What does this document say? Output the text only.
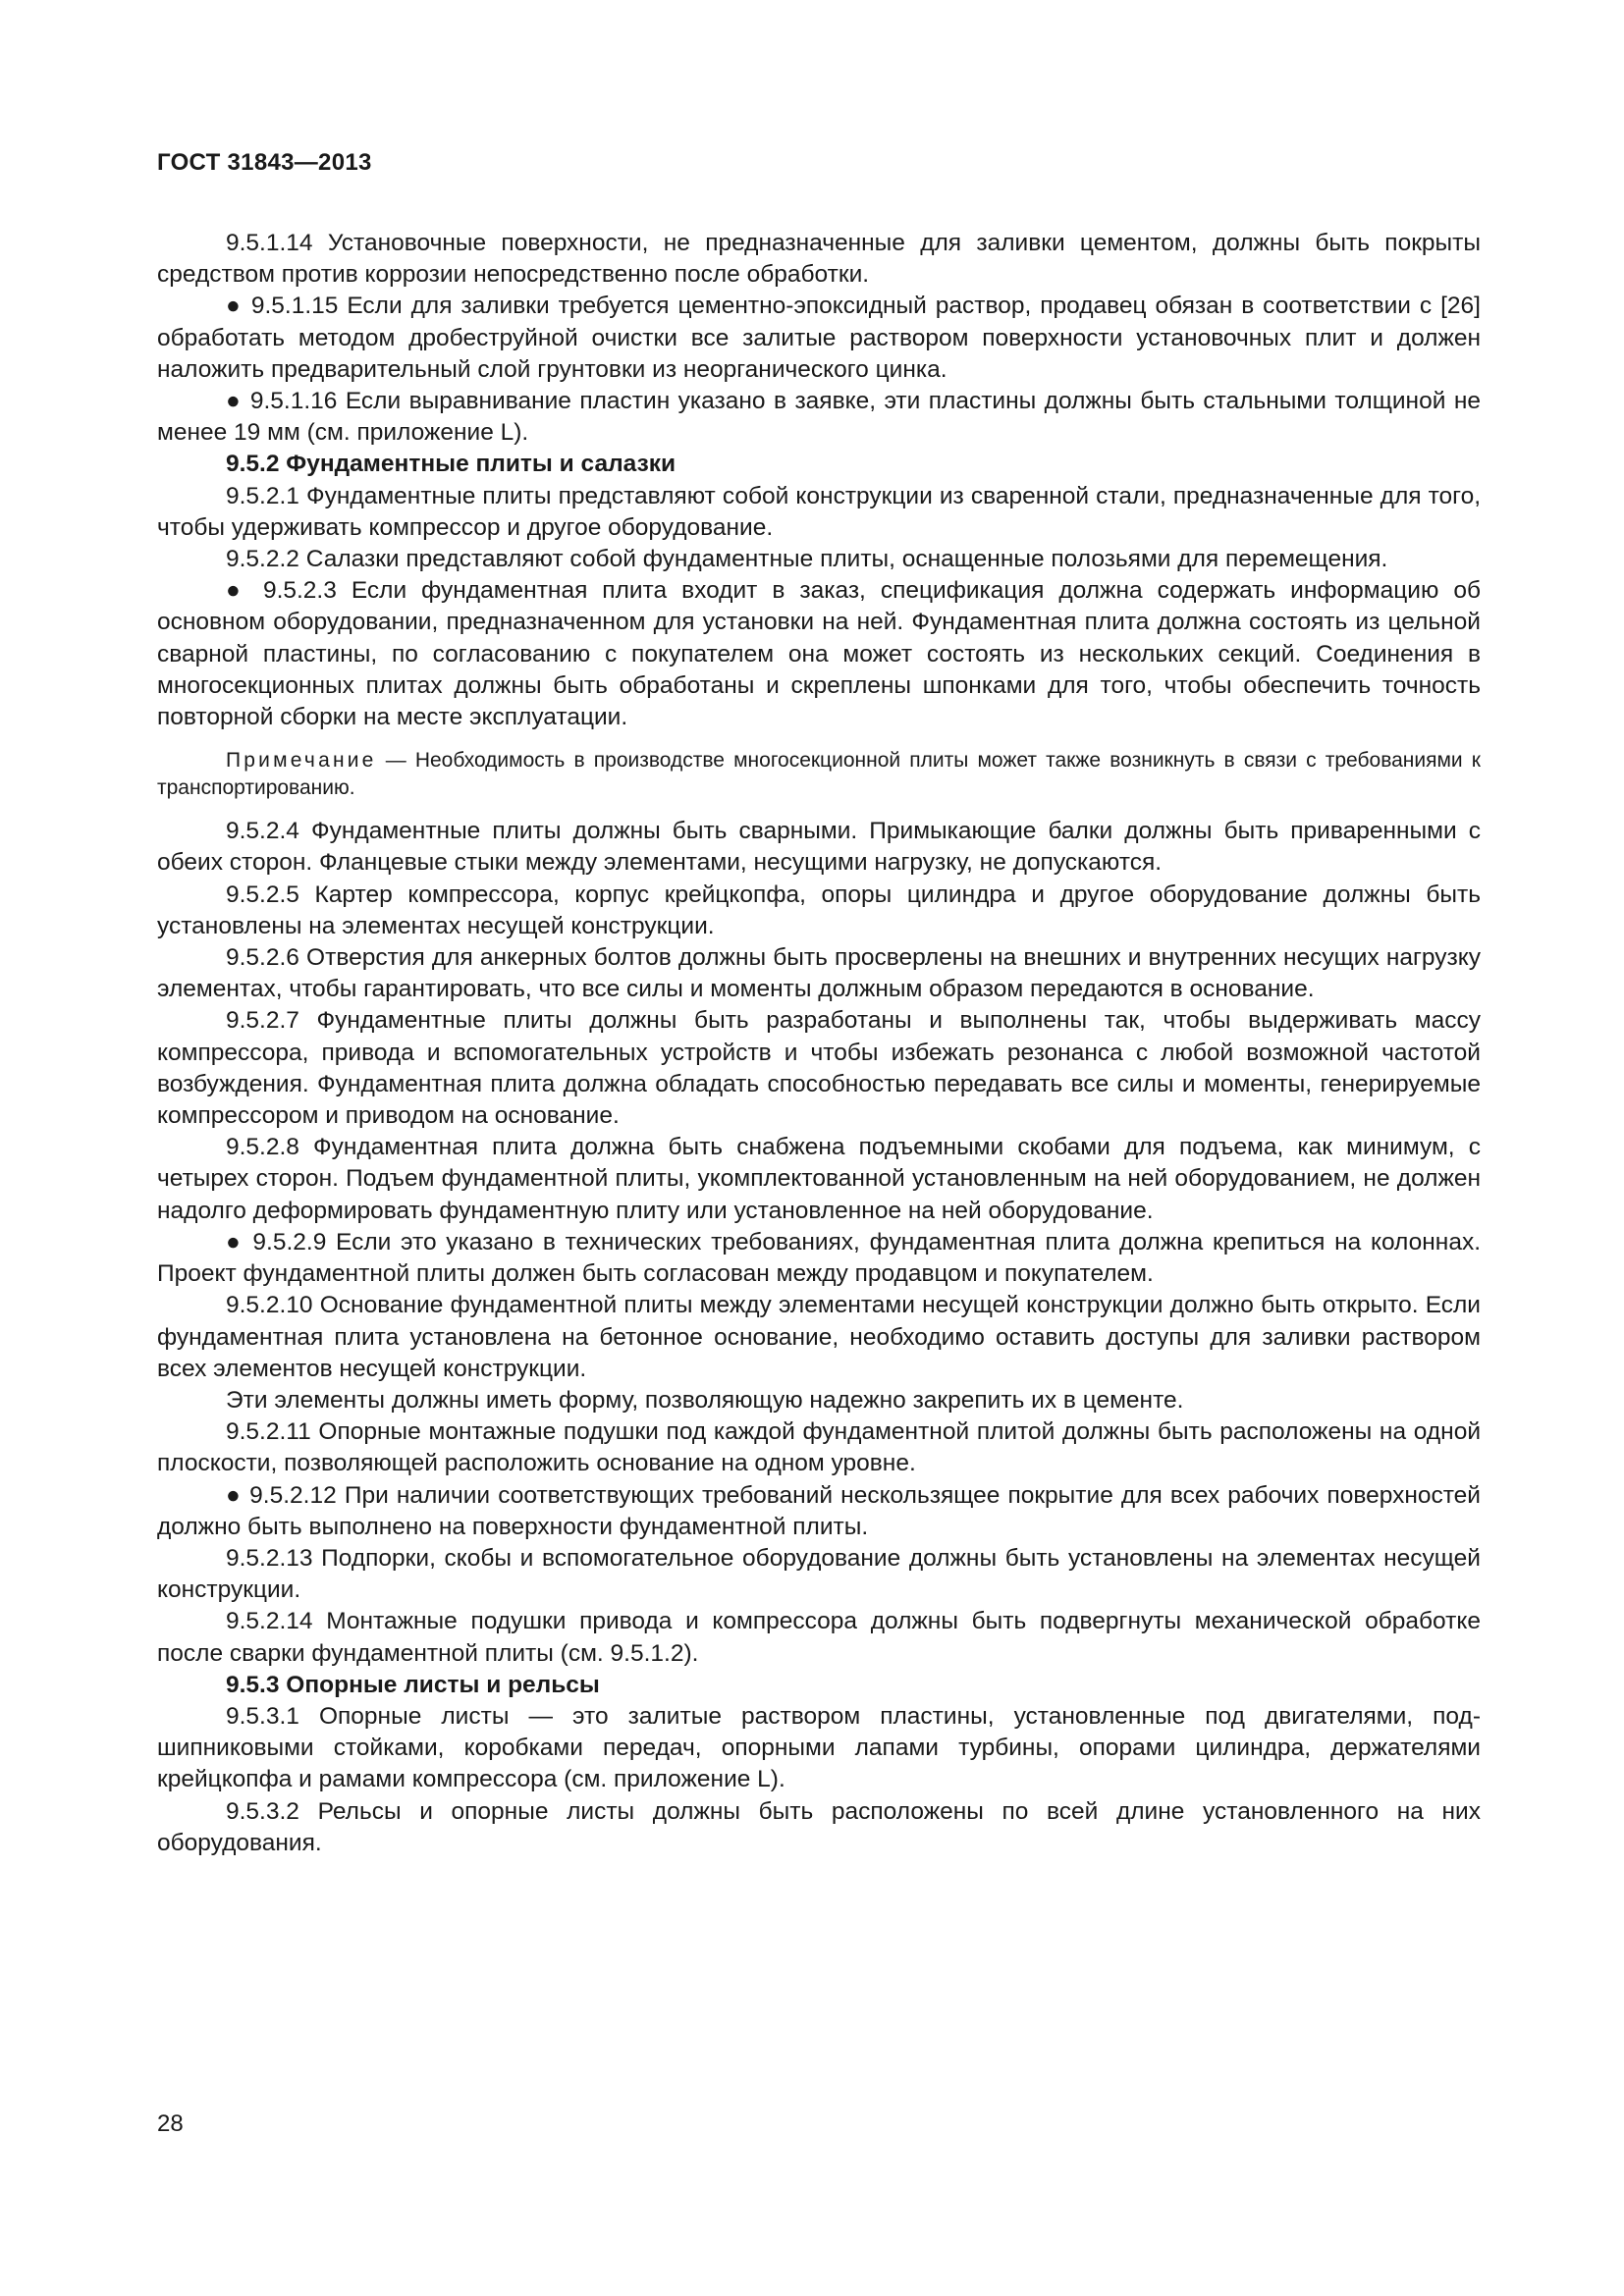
ГОСТ 31843—2013

9.5.1.14 Установочные поверхности, не предназначенные для заливки цементом, должны быть покрыты средством против коррозии непосредственно после обработки.

● 9.5.1.15 Если для заливки требуется цементно-эпоксидный раствор, продавец обязан в соответствии с [26] обработать методом дробеструйной очистки все залитые раствором поверхности установочных плит и должен наложить предварительный слой грунтовки из неорганического цинка.

● 9.5.1.16 Если выравнивание пластин указано в заявке, эти пластины должны быть стальными толщиной не менее 19 мм (см. приложение L).

9.5.2 Фундаментные плиты и салазки

9.5.2.1 Фундаментные плиты представляют собой конструкции из сваренной стали, предназначенные для того, чтобы удерживать компрессор и другое оборудование.

9.5.2.2 Салазки представляют собой фундаментные плиты, оснащенные полозьями для перемещения.

● 9.5.2.3 Если фундаментная плита входит в заказ, спецификация должна содержать информацию об основном оборудовании, предназначенном для установки на ней. Фундаментная плита должна состоять из цельной сварной пластины, по согласованию с покупателем она может состоять из нескольких секций. Соединения в многосекционных плитах должны быть обработаны и скреплены шпонками для того, чтобы обеспечить точность повторной сборки на месте эксплуатации.

Примечание — Необходимость в производстве многосекционной плиты может также возникнуть в связи с требованиями к транспортированию.

9.5.2.4 Фундаментные плиты должны быть сварными. Примыкающие балки должны быть приваренными с обеих сторон. Фланцевые стыки между элементами, несущими нагрузку, не допускаются.

9.5.2.5 Картер компрессора, корпус крейцкопфа, опоры цилиндра и другое оборудование должны быть установлены на элементах несущей конструкции.

9.5.2.6 Отверстия для анкерных болтов должны быть просверлены на внешних и внутренних несущих нагрузку элементах, чтобы гарантировать, что все силы и моменты должным образом передаются в основание.

9.5.2.7 Фундаментные плиты должны быть разработаны и выполнены так, чтобы выдерживать массу компрессора, привода и вспомогательных устройств и чтобы избежать резонанса с любой возможной частотой возбуждения. Фундаментная плита должна обладать способностью передавать все силы и моменты, генерируемые компрессором и приводом на основание.

9.5.2.8 Фундаментная плита должна быть снабжена подъемными скобами для подъема, как минимум, с четырех сторон. Подъем фундаментной плиты, укомплектованной установленным на ней оборудованием, не должен надолго деформировать фундаментную плиту или установленное на ней оборудование.

● 9.5.2.9 Если это указано в технических требованиях, фундаментная плита должна крепиться на колоннах. Проект фундаментной плиты должен быть согласован между продавцом и покупателем.

9.5.2.10 Основание фундаментной плиты между элементами несущей конструкции должно быть открыто. Если фундаментная плита установлена на бетонное основание, необходимо оставить доступы для заливки раствором всех элементов несущей конструкции.

Эти элементы должны иметь форму, позволяющую надежно закрепить их в цементе.

9.5.2.11 Опорные монтажные подушки под каждой фундаментной плитой должны быть расположены на одной плоскости, позволяющей расположить основание на одном уровне.

● 9.5.2.12 При наличии соответствующих требований нескользящее покрытие для всех рабочих поверхностей должно быть выполнено на поверхности фундаментной плиты.

9.5.2.13 Подпорки, скобы и вспомогательное оборудование должны быть установлены на элементах несущей конструкции.

9.5.2.14 Монтажные подушки привода и компрессора должны быть подвергнуты механической обработке после сварки фундаментной плиты (см. 9.5.1.2).

9.5.3 Опорные листы и рельсы

9.5.3.1 Опорные листы — это залитые раствором пластины, установленные под двигателями, подшипниковыми стойками, коробками передач, опорными лапами турбины, опорами цилиндра, держателями крейцкопфа и рамами компрессора (см. приложение L).

9.5.3.2 Рельсы и опорные листы должны быть расположены по всей длине установленного на них оборудования.

28
